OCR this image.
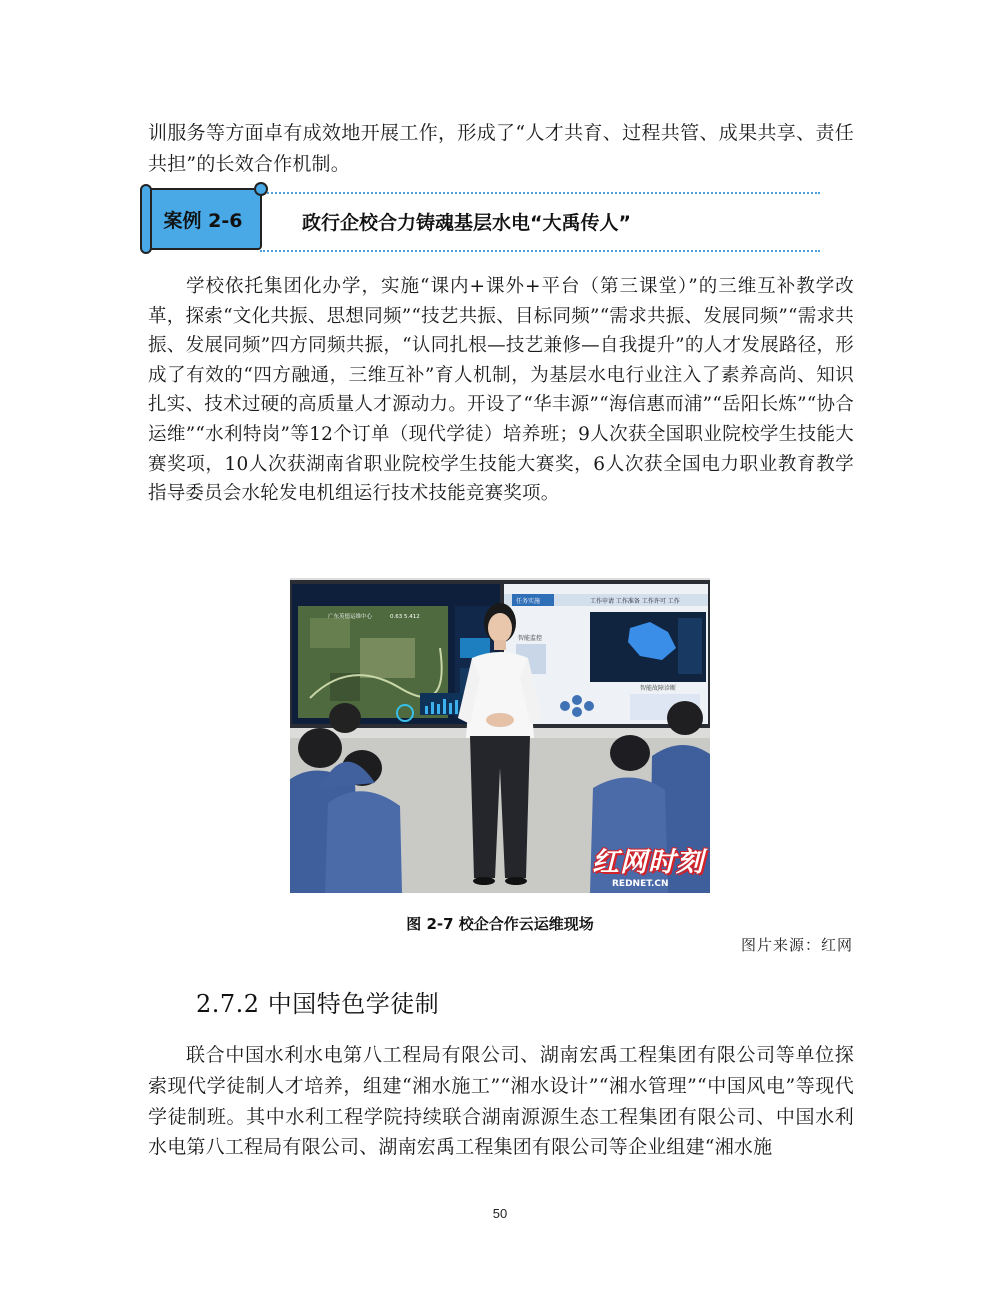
训服务等方面卓有成效地开展工作，形成了“人才共育、过程共管、成果共享、责任共担”的长效合作机制。

案例 2-6	政行企校合力铸魂基层水电“大禹传人”

学校依托集团化办学，实施“课内+课外+平台（第三课堂）”的三维互补教学改革，探索“文化共振、思想同频”“技艺共振、目标同频”“需求共振、发展同频”“需求共振、发展同频”四方同频共振，“认同扎根—技艺兼修—自我提升”的人才发展路径，形成了有效的“四方融通，三维互补”育人机制，为基层水电行业注入了素养高尚、知识扎实、技术过硬的高质量人才源动力。开设了“华丰源”“海信惠而浦”“岳阳长炼”“协合运维”“水利特岗”等12个订单（现代学徒）培养班；9人次获全国职业院校学生技能大赛奖项，10人次获湖南省职业院校学生技能大赛奖，6人次获全国电力职业教育教学指导委员会水轮发电机组运行技术技能竞赛奖项。

广东英德运维中心	0.63 5.412
任务实施	工作申请 工作准备 工作许可 工作
智能监控
智能故障诊断
红网时刻
REDNET.CN
图 2-7 校企合作云运维现场
图片来源：红网
2.7.2 中国特色学徒制

联合中国水利水电第八工程局有限公司、湖南宏禹工程集团有限公司等单位探索现代学徒制人才培养，组建“湘水施工”“湘水设计”“湘水管理”“中国风电”等现代学徒制班。其中水利工程学院持续联合湖南源源生态工程集团有限公司、中国水利水电第八工程局有限公司、湖南宏禹工程集团有限公司等企业组建“湘水施

50
